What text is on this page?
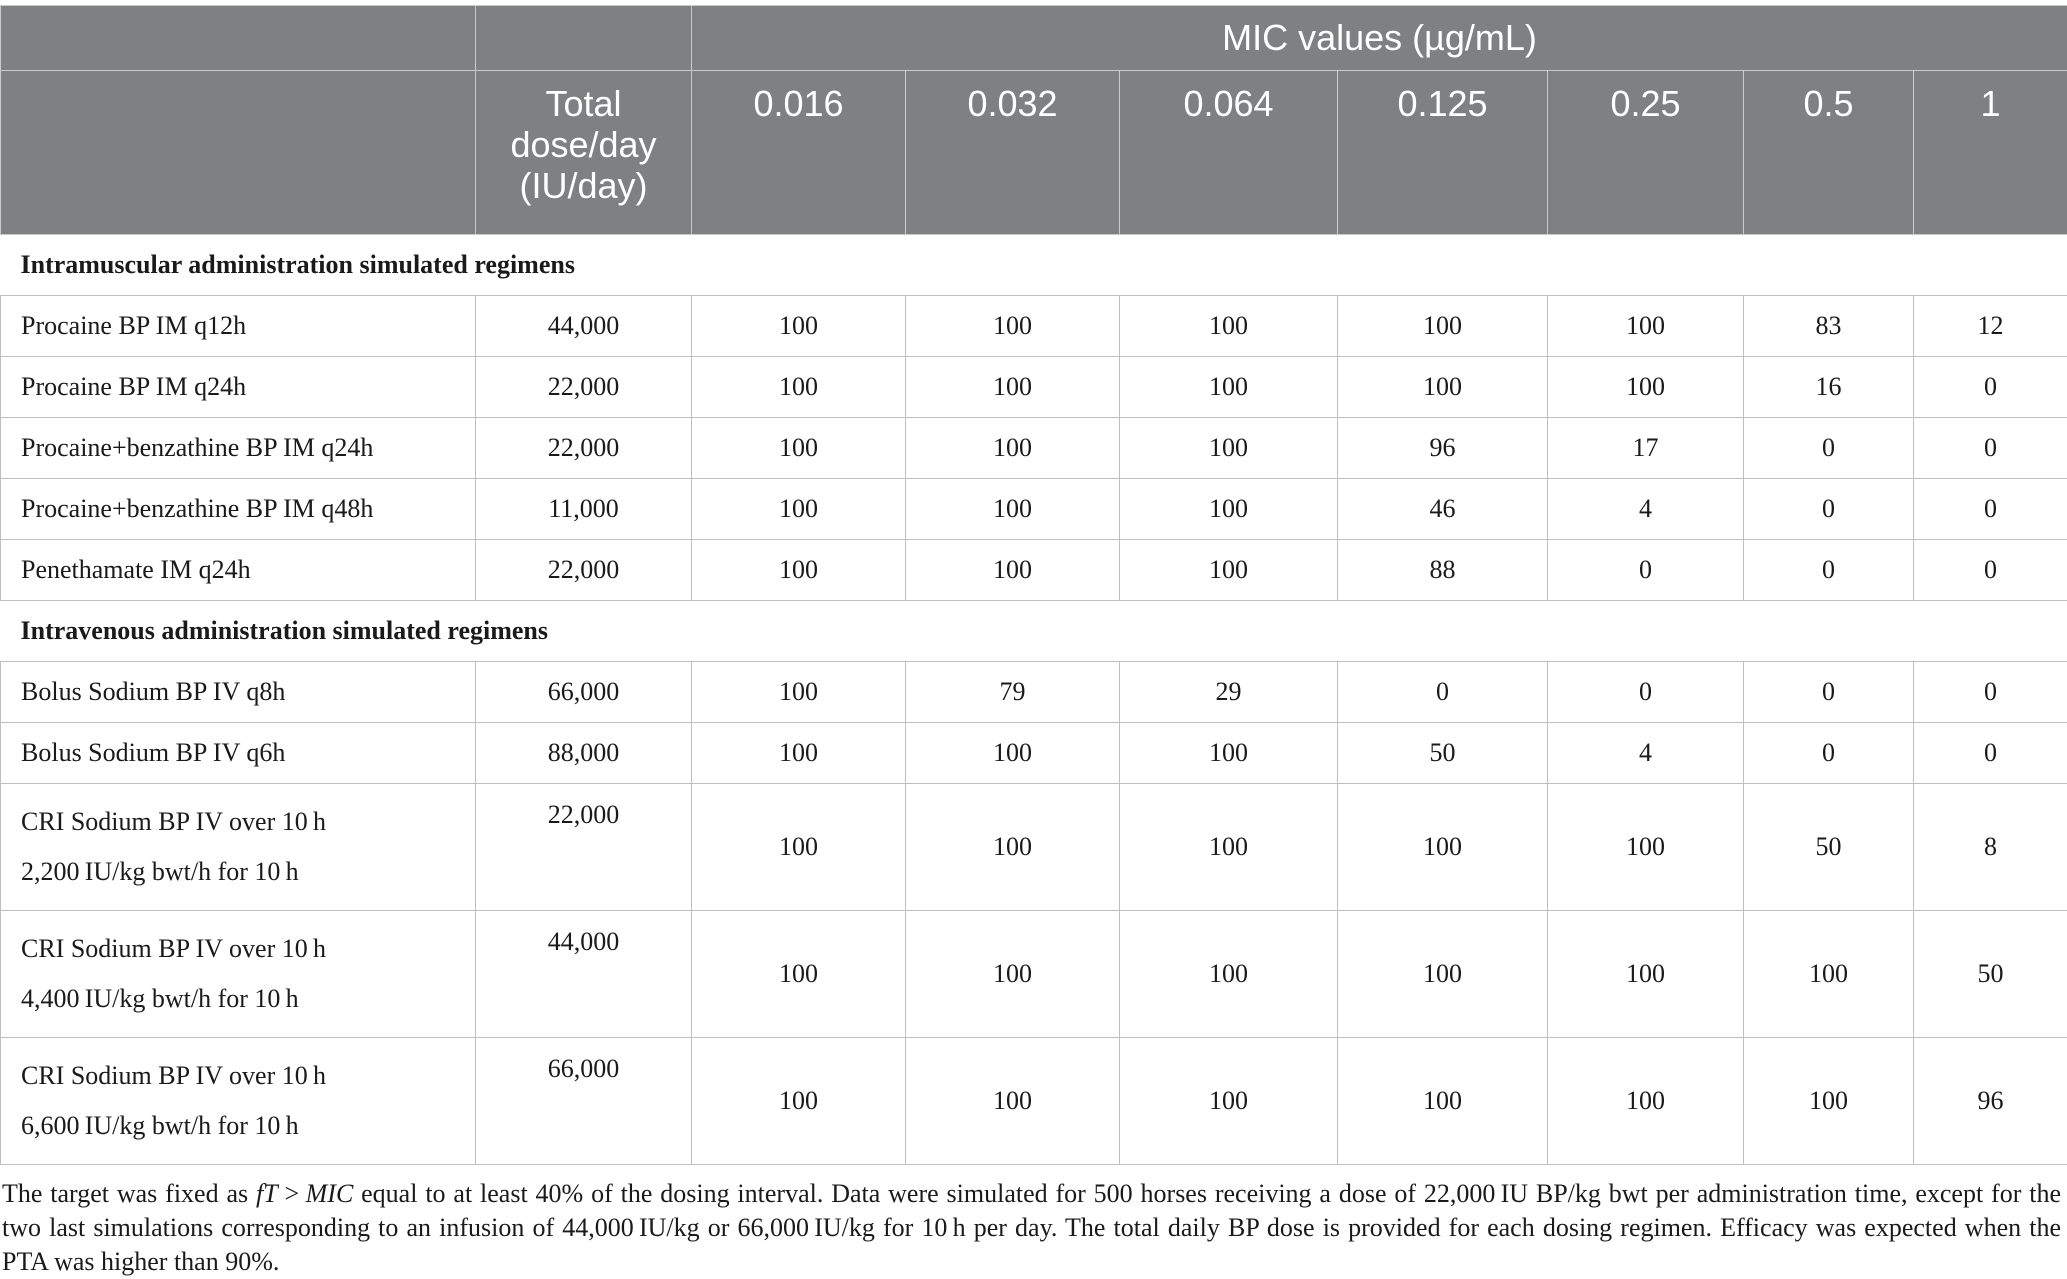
		MIC values (µg/mL)						
	Total dose/day (IU/day)	0.016	0.032	0.064	0.125	0.25	0.5	1
Intramuscular administration simulated regimens								

Procaine BP IM q12h	44,000	100	100	100	100	100	83	12

Procaine BP IM q24h	22,000	100	100	100	100	100	16	0

Procaine+benzathine BP IM q24h	22,000	100	100	100	96	17	0	0

Procaine+benzathine BP IM q48h	11,000	100	100	100	46	4	0	0

Penethamate IM q24h	22,000	100	100	100	88	0	0	0
Intravenous administration simulated regimens								

Bolus Sodium BP IV q8h	66,000	100	79	29	0	0	0	0

Bolus Sodium BP IV q6h	88,000	100	100	100	50	4	0	0

CRI Sodium BP IV over 10 h
2,200 IU/kg bwt/h for 10 h	22,000	100	100	100	100	100	50	8

CRI Sodium BP IV over 10 h
4,400 IU/kg bwt/h for 10 h	44,000	100	100	100	100	100	100	50

CRI Sodium BP IV over 10 h
6,600 IU/kg bwt/h for 10 h	66,000	100	100	100	100	100	100	96
The target was fixed as fT > MIC equal to at least 40% of the dosing interval. Data were simulated for 500 horses receiving a dose of 22,000 IU BP/kg bwt per administration time, except for the two last simulations corresponding to an infusion of 44,000 IU/kg or 66,000 IU/kg for 10 h per day. The total daily BP dose is provided for each dosing regimen. Efficacy was expected when the PTA was higher than 90%.
